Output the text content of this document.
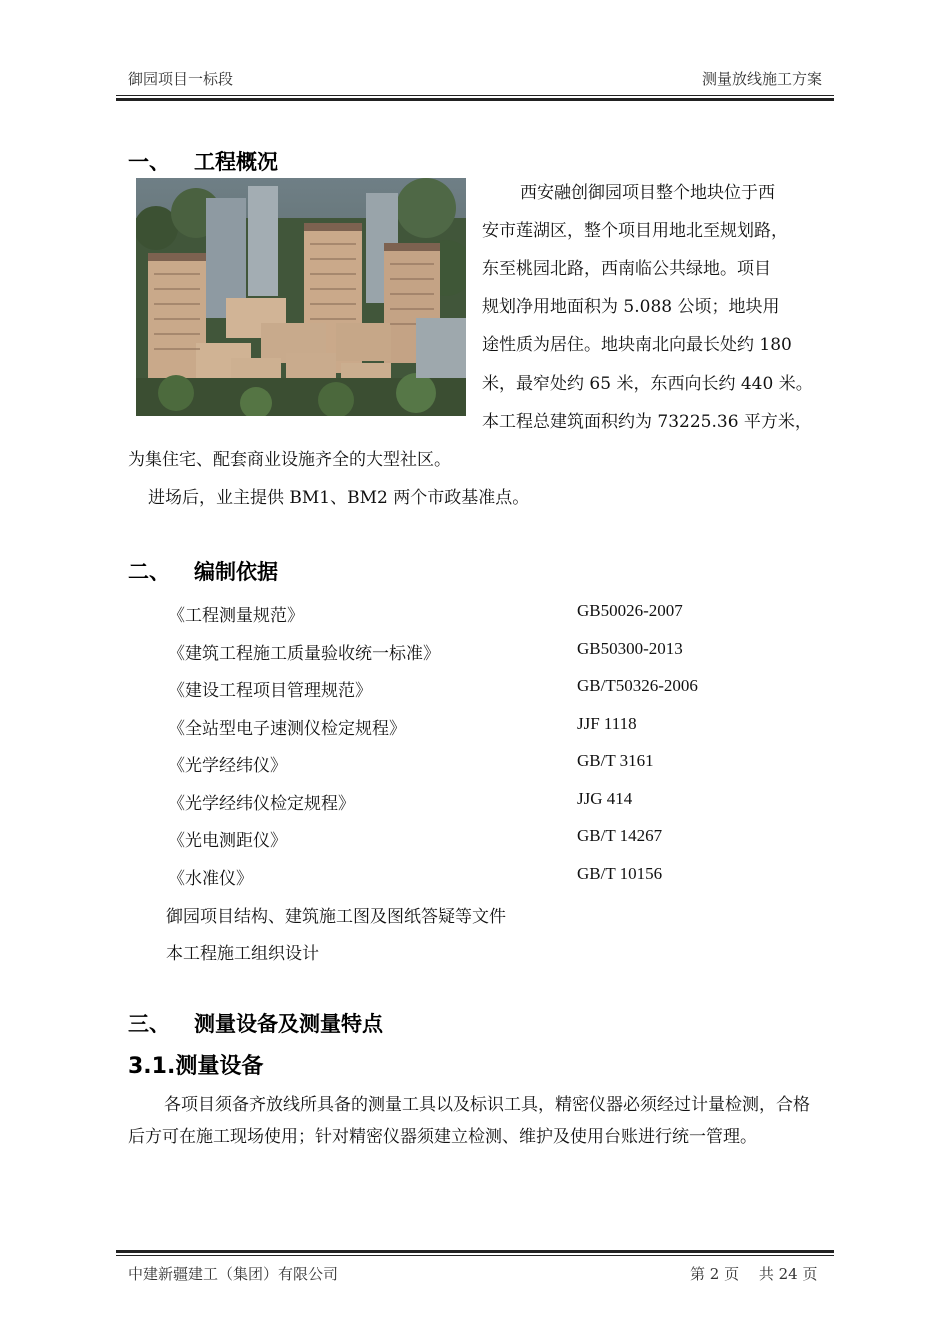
御园项目一标段	测量放线施工方案
一、 工程概况
西安融创御园项目整个地块位于西
安市莲湖区，整个项目用地北至规划路，
东至桃园北路，西南临公共绿地。项目
规划净用地面积为 5.088 公顷；地块用
途性质为居住。地块南北向最长处约 180
米，最窄处约 65 米，东西向长约 440 米。
本工程总建筑面积约为 73225.36 平方米，
为集住宅、配套商业设施齐全的大型社区。
进场后，业主提供 BM1、BM2 两个市政基准点。
二、 编制依据
《工程测量规范》	GB50026-2007
《建筑工程施工质量验收统一标准》	GB50300-2013
《建设工程项目管理规范》	GB/T50326-2006
《全站型电子速测仪检定规程》	JJF 1118
《光学经纬仪》	GB/T 3161
《光学经纬仪检定规程》	JJG 414
《光电测距仪》	GB/T 14267
《水准仪》	GB/T 10156
御园项目结构、建筑施工图及图纸答疑等文件
本工程施工组织设计
三、 测量设备及测量特点
3.1.测量设备
各项目须备齐放线所具备的测量工具以及标识工具，精密仪器必须经过计量检测，合格后方可在施工现场使用；针对精密仪器须建立检测、维护及使用台账进行统一管理。
中建新疆建工（集团）有限公司	第 2 页　 共 24 页
